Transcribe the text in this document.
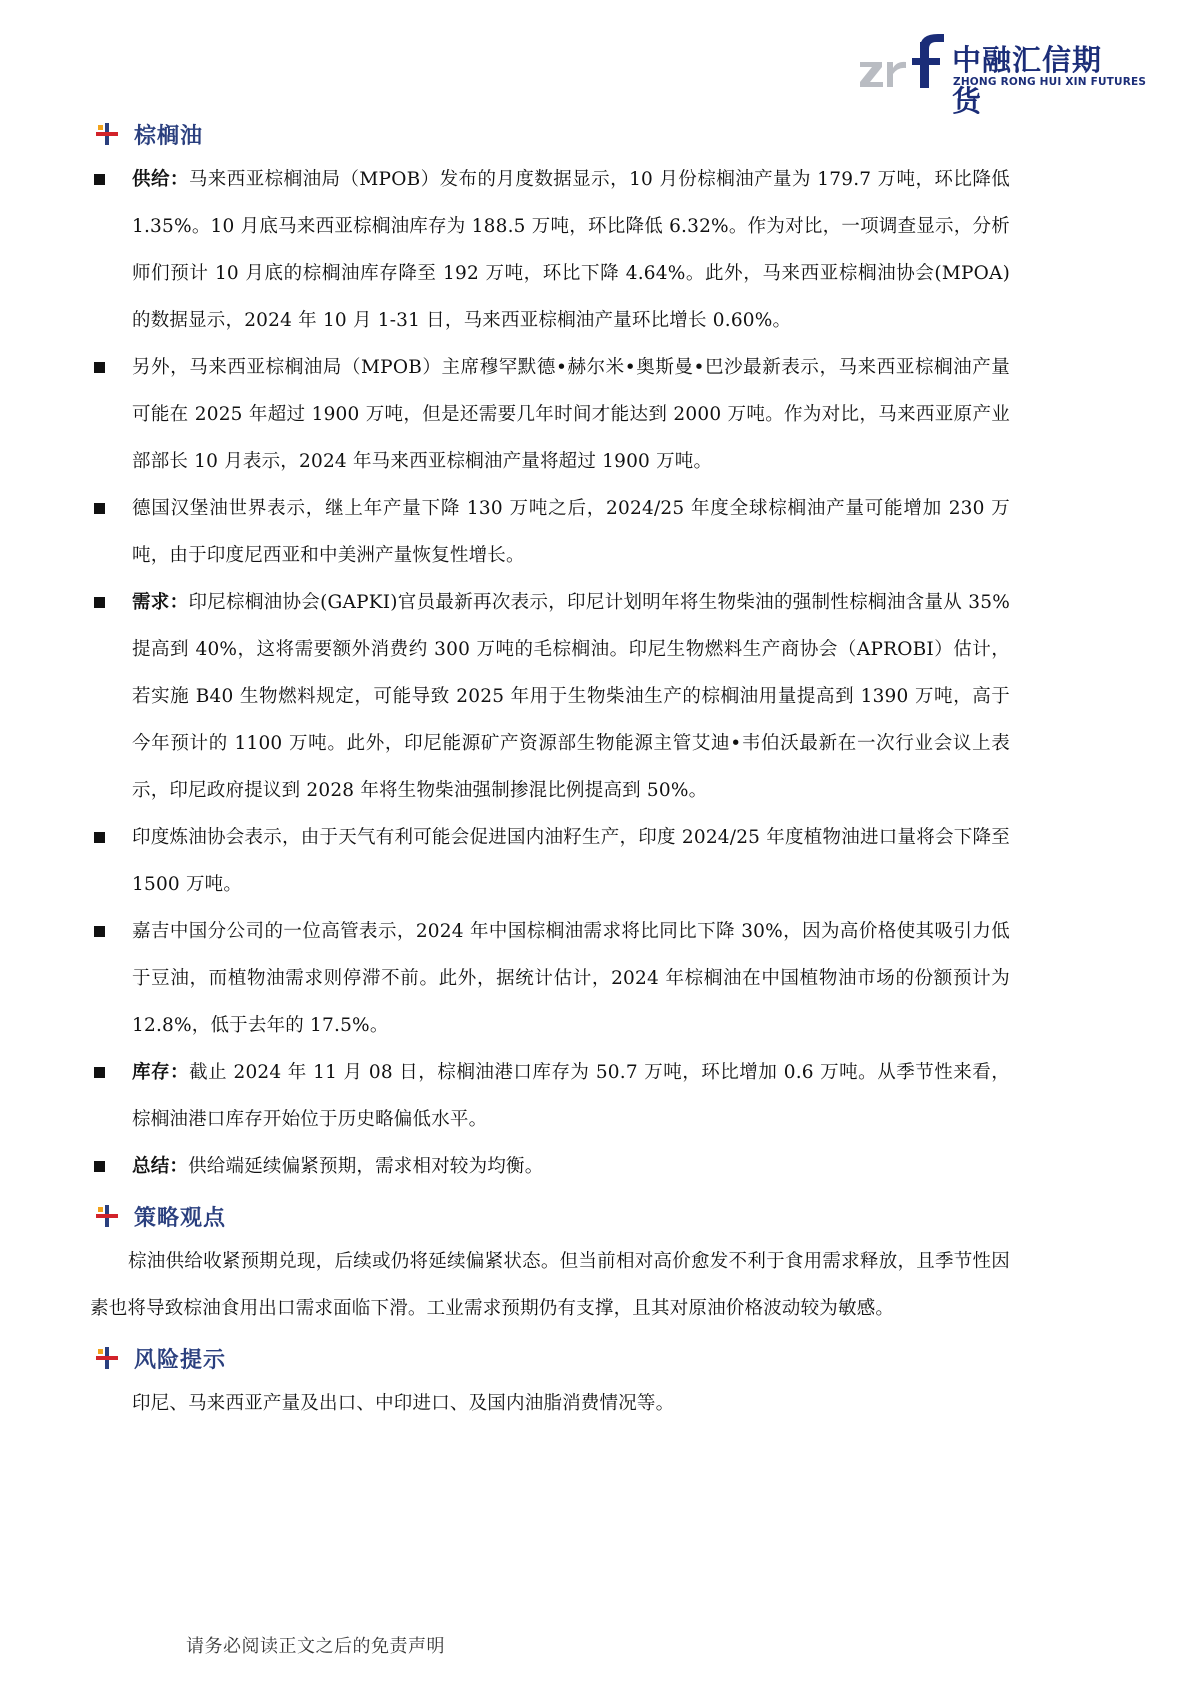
中融汇信期货
ZHONG RONG HUI XIN FUTURES
棕榈油
供给：马来西亚棕榈油局（MPOB）发布的月度数据显示，10 月份棕榈油产量为 179.7 万吨，环比降低 1.35%。10 月底马来西亚棕榈油库存为 188.5 万吨，环比降低 6.32%。作为对比，一项调查显示，分析师们预计 10 月底的棕榈油库存降至 192 万吨，环比下降 4.64%。此外，马来西亚棕榈油协会(MPOA)的数据显示，2024 年 10 月 1-31 日，马来西亚棕榈油产量环比增长 0.60%。
另外，马来西亚棕榈油局（MPOB）主席穆罕默德•赫尔米•奥斯曼•巴沙最新表示，马来西亚棕榈油产量可能在 2025 年超过 1900 万吨，但是还需要几年时间才能达到 2000 万吨。作为对比，马来西亚原产业部部长 10 月表示，2024 年马来西亚棕榈油产量将超过 1900 万吨。
德国汉堡油世界表示，继上年产量下降 130 万吨之后，2024/25 年度全球棕榈油产量可能增加 230 万吨，由于印度尼西亚和中美洲产量恢复性增长。
需求：印尼棕榈油协会(GAPKI)官员最新再次表示，印尼计划明年将生物柴油的强制性棕榈油含量从 35%提高到 40%，这将需要额外消费约 300 万吨的毛棕榈油。印尼生物燃料生产商协会（APROBI）估计，若实施 B40 生物燃料规定，可能导致 2025 年用于生物柴油生产的棕榈油用量提高到 1390 万吨，高于今年预计的 1100 万吨。此外，印尼能源矿产资源部生物能源主管艾迪•韦伯沃最新在一次行业会议上表示，印尼政府提议到 2028 年将生物柴油强制掺混比例提高到 50%。
印度炼油协会表示，由于天气有利可能会促进国内油籽生产，印度 2024/25 年度植物油进口量将会下降至 1500 万吨。
嘉吉中国分公司的一位高管表示，2024 年中国棕榈油需求将比同比下降 30%，因为高价格使其吸引力低于豆油，而植物油需求则停滞不前。此外，据统计估计，2024 年棕榈油在中国植物油市场的份额预计为 12.8%，低于去年的 17.5%。
库存：截止 2024 年 11 月 08 日，棕榈油港口库存为 50.7 万吨，环比增加 0.6 万吨。从季节性来看，棕榈油港口库存开始位于历史略偏低水平。
总结：供给端延续偏紧预期，需求相对较为均衡。
策略观点

棕油供给收紧预期兑现，后续或仍将延续偏紧状态。但当前相对高价愈发不利于食用需求释放，且季节性因素也将导致棕油食用出口需求面临下滑。工业需求预期仍有支撑，且其对原油价格波动较为敏感。

风险提示

印尼、马来西亚产量及出口、中印进口、及国内油脂消费情况等。

请务必阅读正文之后的免责声明
